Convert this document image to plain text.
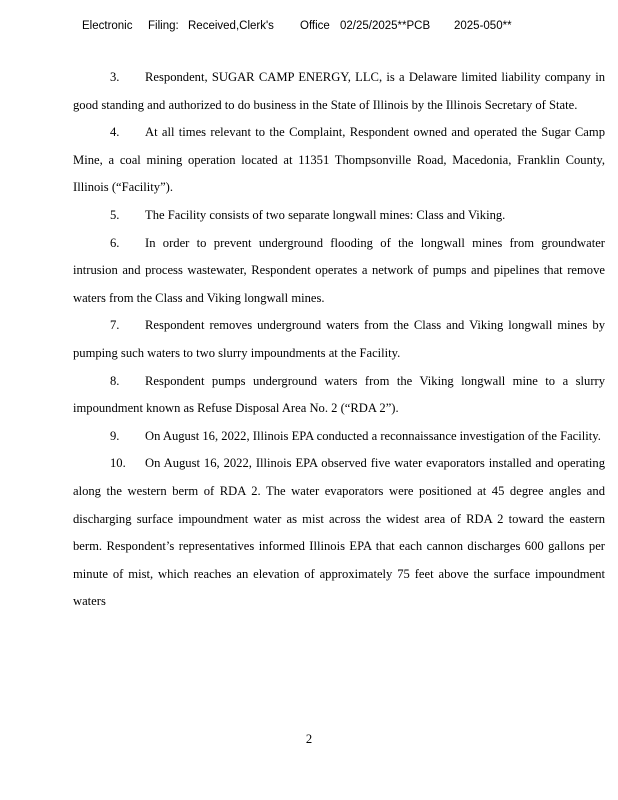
Electronic Filing: Received,Clerk's Office 02/25/2025**PCB 2025-050**

3. Respondent, SUGAR CAMP ENERGY, LLC, is a Delaware limited liability company in good standing and authorized to do business in the State of Illinois by the Illinois Secretary of State.

4. At all times relevant to the Complaint, Respondent owned and operated the Sugar Camp Mine, a coal mining operation located at 11351 Thompsonville Road, Macedonia, Franklin County, Illinois (“Facility”).

5. The Facility consists of two separate longwall mines: Class and Viking.

6. In order to prevent underground flooding of the longwall mines from groundwater intrusion and process wastewater, Respondent operates a network of pumps and pipelines that remove waters from the Class and Viking longwall mines.

7. Respondent removes underground waters from the Class and Viking longwall mines by pumping such waters to two slurry impoundments at the Facility.

8. Respondent pumps underground waters from the Viking longwall mine to a slurry impoundment known as Refuse Disposal Area No. 2 (“RDA 2”).

9. On August 16, 2022, Illinois EPA conducted a reconnaissance investigation of the Facility.

10. On August 16, 2022, Illinois EPA observed five water evaporators installed and operating along the western berm of RDA 2. The water evaporators were positioned at 45 degree angles and discharging surface impoundment water as mist across the widest area of RDA 2 toward the eastern berm. Respondent’s representatives informed Illinois EPA that each cannon discharges 600 gallons per minute of mist, which reaches an elevation of approximately 75 feet above the surface impoundment waters

2
